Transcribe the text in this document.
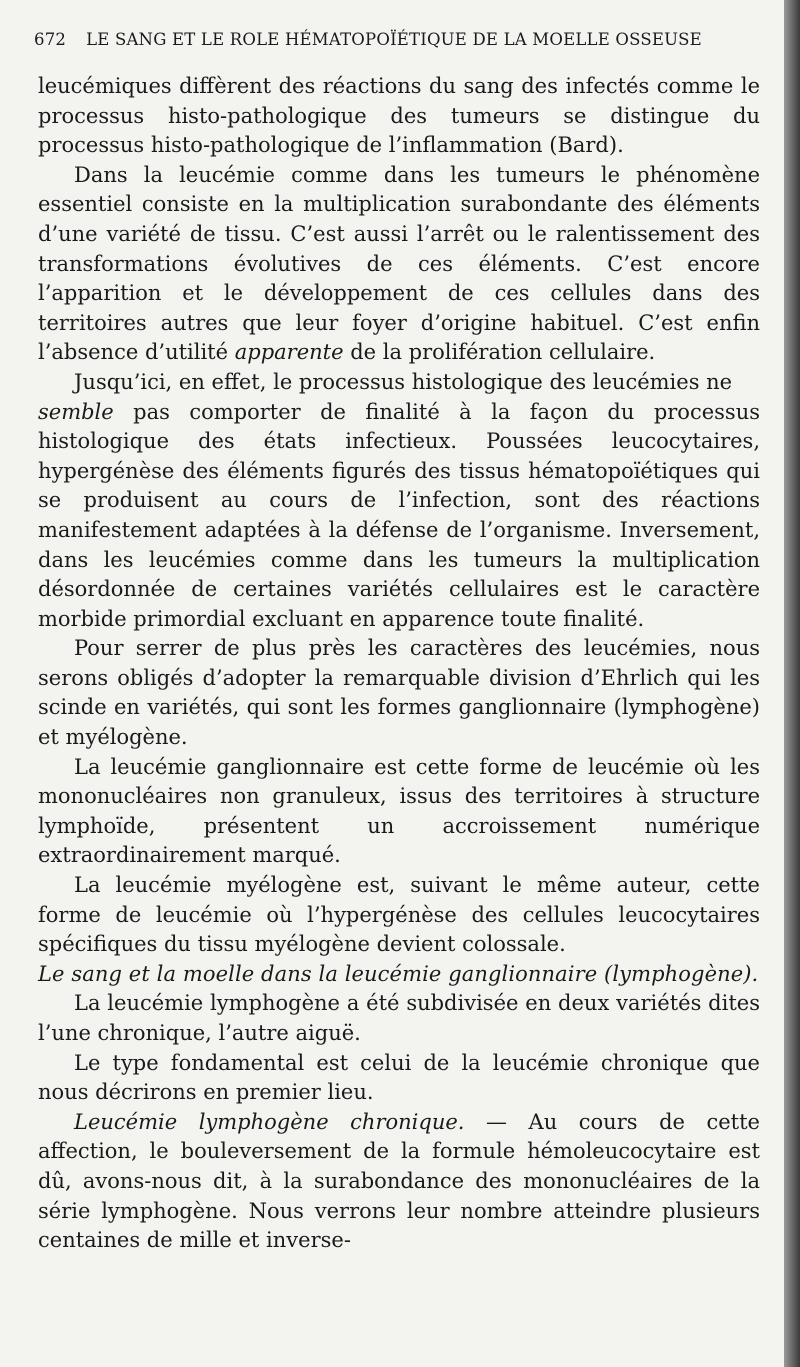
672 LE SANG ET LE ROLE HÉMATOPOÏÉTIQUE DE LA MOELLE OSSEUSE

leucémiques diffèrent des réactions du sang des infectés comme le processus histo-pathologique des tumeurs se distingue du processus histo-pathologique de l’inflammation (Bard).

Dans la leucémie comme dans les tumeurs le phénomène essentiel consiste en la multiplication surabondante des éléments d’une variété de tissu. C’est aussi l’arrêt ou le ralentissement des transformations évolutives de ces éléments. C’est encore l’apparition et le développement de ces cellules dans des territoires autres que leur foyer d’origine habituel. C’est enfin l’absence d’utilité apparente de la prolifération cellulaire.

Jusqu’ici, en effet, le processus histologique des leucémies ne
semble pas comporter de finalité à la façon du processus histologique des états infectieux. Poussées leucocytaires, hypergénèse des éléments figurés des tissus hématopoïétiques qui se produisent au cours de l’infection, sont des réactions manifestement adaptées à la défense de l’organisme. Inversement, dans les leucémies comme dans les tumeurs la multiplication désordonnée de certaines variétés cellulaires est le caractère morbide primordial excluant en apparence toute finalité.

Pour serrer de plus près les caractères des leucémies, nous serons obligés d’adopter la remarquable division d’Ehrlich qui les scinde en variétés, qui sont les formes ganglionnaire (lymphogène) et myélogène.

La leucémie ganglionnaire est cette forme de leucémie où les mononucléaires non granuleux, issus des territoires à structure lymphoïde, présentent un accroissement numérique extraordinairement marqué.

La leucémie myélogène est, suivant le même auteur, cette forme de leucémie où l’hypergénèse des cellules leucocytaires spécifiques du tissu myélogène devient colossale.

Le sang et la moelle dans la leucémie ganglionnaire (lymphogène).

La leucémie lymphogène a été subdivisée en deux variétés dites l’une chronique, l’autre aiguë.

Le type fondamental est celui de la leucémie chronique que nous décrirons en premier lieu.

Leucémie lymphogène chronique. — Au cours de cette affection, le bouleversement de la formule hémoleucocytaire est dû, avons-nous dit, à la surabondance des mononucléaires de la série lymphogène. Nous verrons leur nombre atteindre plusieurs centaines de mille et inverse-
